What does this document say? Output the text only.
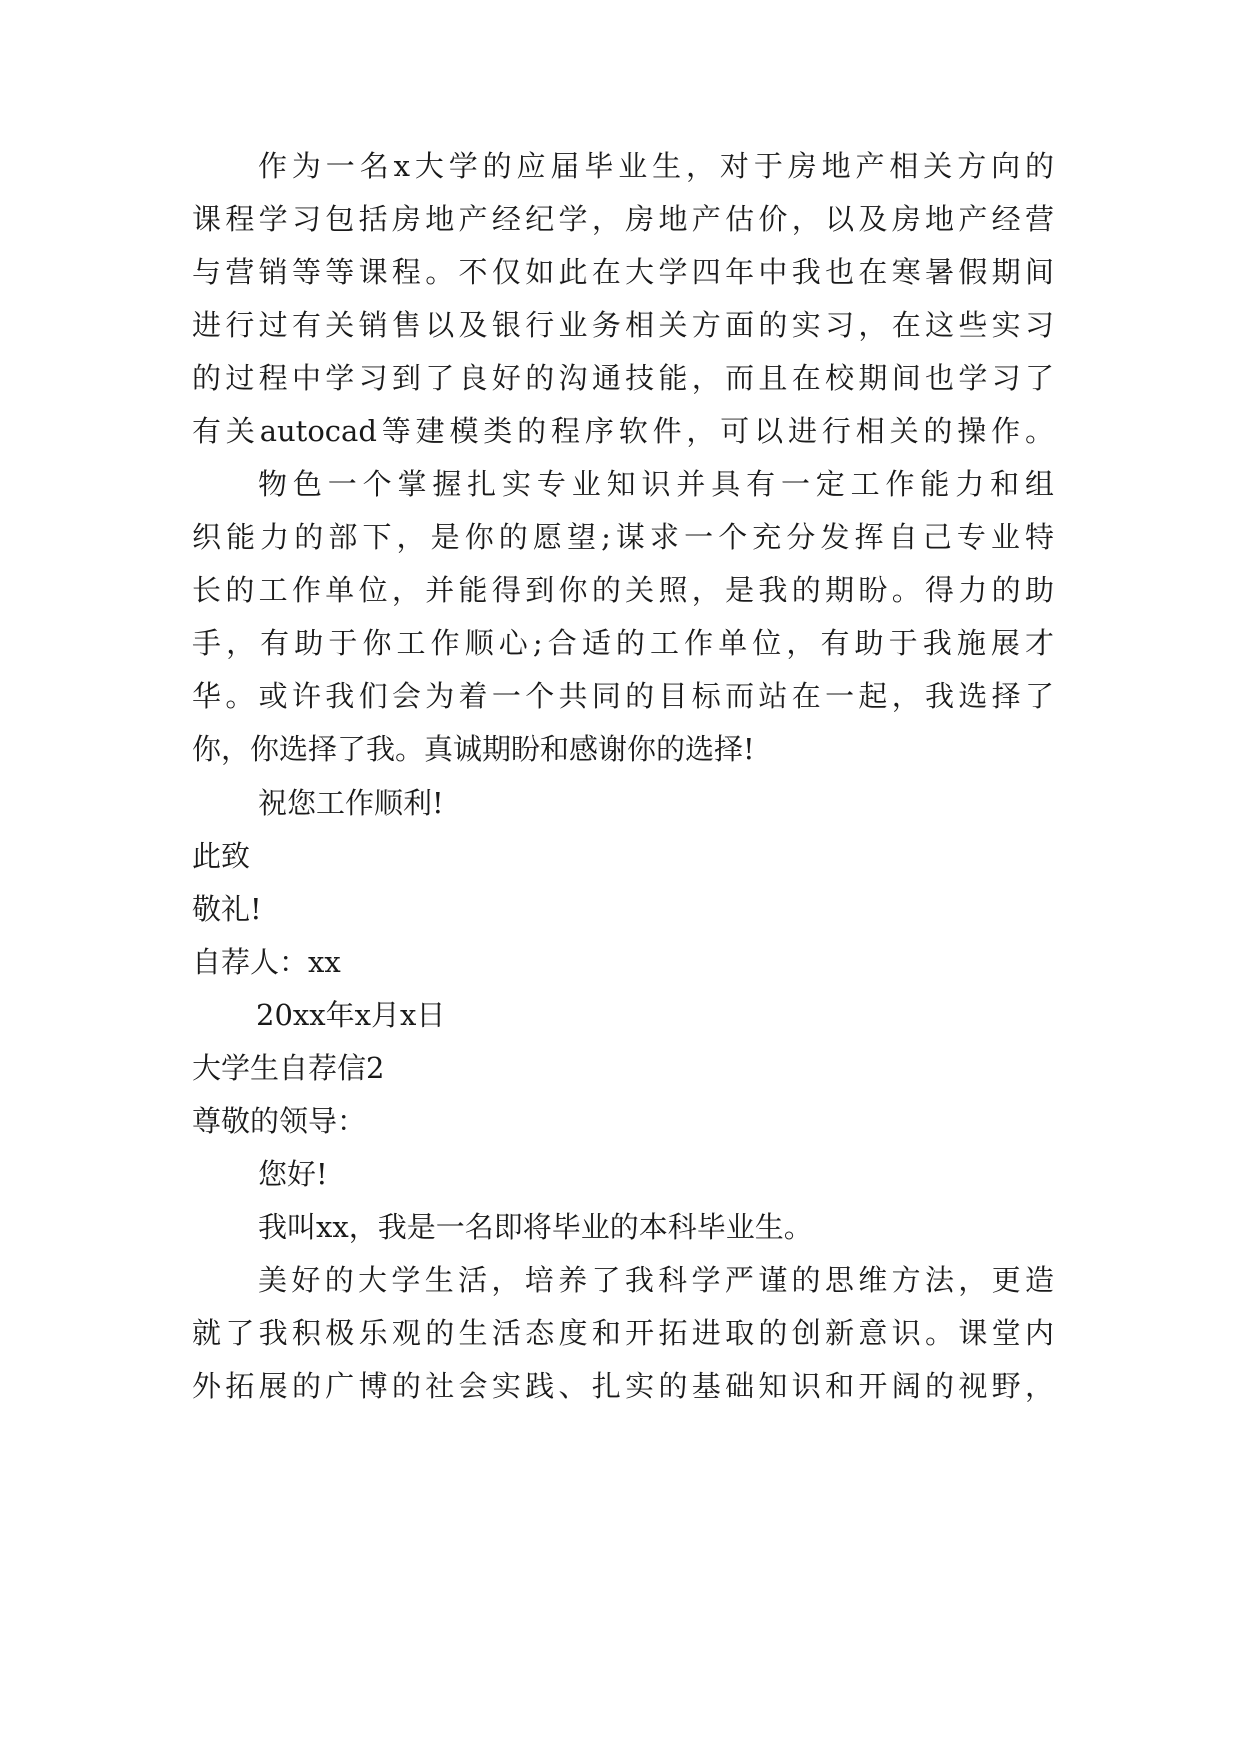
作为一名x大学的应届毕业生，对于房地产相关方向的
课程学习包括房地产经纪学，房地产估价，以及房地产经营
与营销等等课程。不仅如此在大学四年中我也在寒暑假期间
进行过有关销售以及银行业务相关方面的实习，在这些实习
的过程中学习到了良好的沟通技能，而且在校期间也学习了
有关autocad等建模类的程序软件，可以进行相关的操作。
物色一个掌握扎实专业知识并具有一定工作能力和组
织能力的部下，是你的愿望;谋求一个充分发挥自己专业特
长的工作单位，并能得到你的关照，是我的期盼。得力的助
手，有助于你工作顺心;合适的工作单位，有助于我施展才
华。或许我们会为着一个共同的目标而站在一起，我选择了
你，你选择了我。真诚期盼和感谢你的选择!
祝您工作顺利!
此致
敬礼!
自荐人：xx
20xx年x月x日
大学生自荐信2
尊敬的领导：
您好!
我叫xx，我是一名即将毕业的本科毕业生。
美好的大学生活，培养了我科学严谨的思维方法，更造
就了我积极乐观的生活态度和开拓进取的创新意识。课堂内
外拓展的广博的社会实践、扎实的基础知识和开阔的视野，
